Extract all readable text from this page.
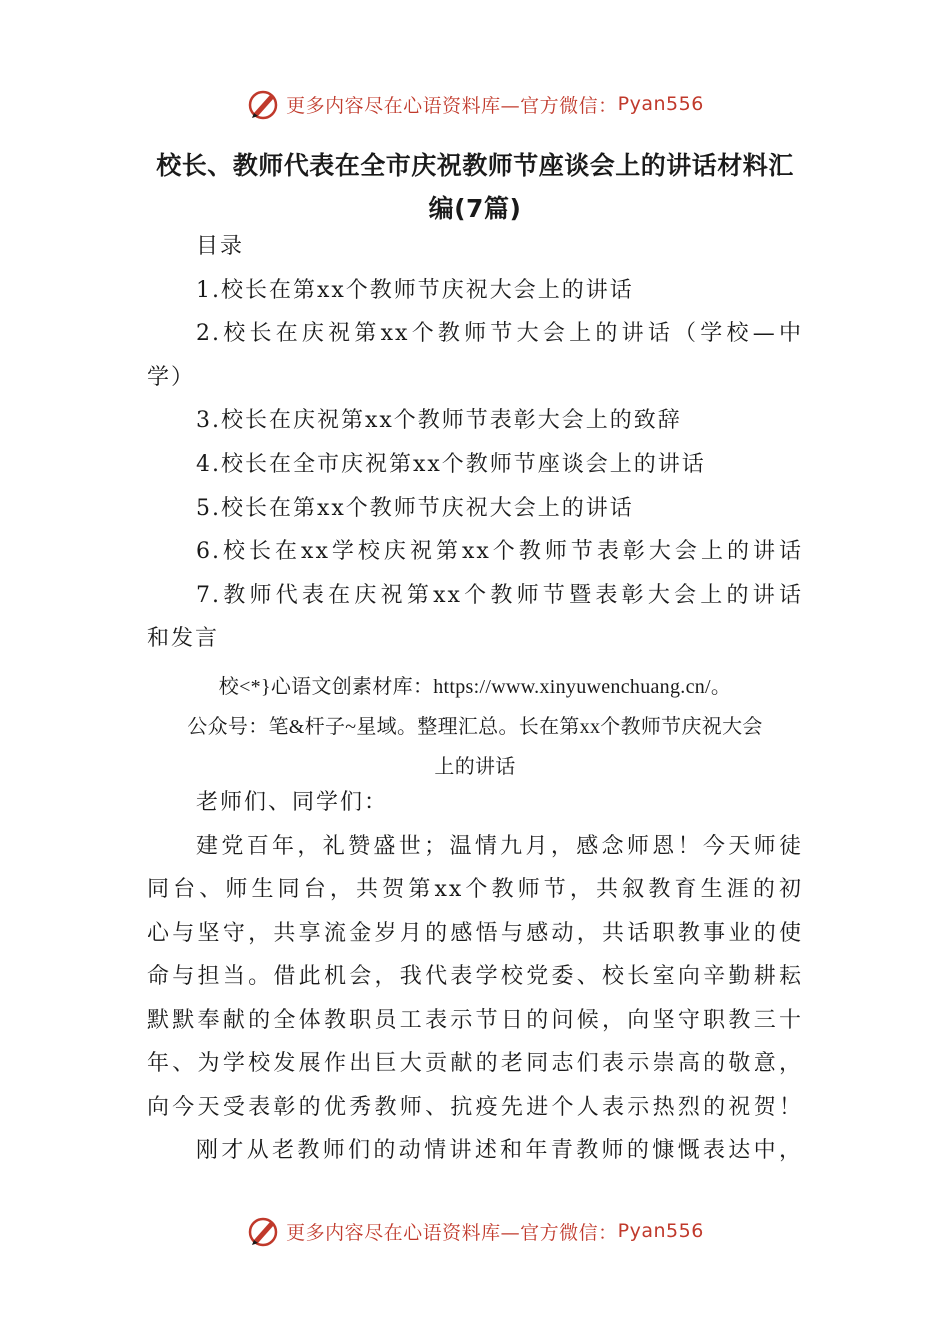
更多内容尽在心语资料库—官方微信： Pyan556
校长、教师代表在全市庆祝教师节座谈会上的讲话材料汇
编(7篇)
目录
1.校长在第xx个教师节庆祝大会上的讲话
2.校长在庆祝第xx个教师节大会上的讲话（学校—中
学）
3.校长在庆祝第xx个教师节表彰大会上的致辞
4.校长在全市庆祝第xx个教师节座谈会上的讲话
5.校长在第xx个教师节庆祝大会上的讲话
6.校长在xx学校庆祝第xx个教师节表彰大会上的讲话
7.教师代表在庆祝第xx个教师节暨表彰大会上的讲话
和发言
校<*}心语文创素材库：https://www.xinyuwenchuang.cn/。
公众号：笔&杆子~星域。整理汇总。长在第xx个教师节庆祝大会
上的讲话
老师们、同学们：
建党百年，礼赞盛世；温情九月，感念师恩！今天师徒
同台、师生同台，共贺第xx个教师节，共叙教育生涯的初
心与坚守，共享流金岁月的感悟与感动，共话职教事业的使
命与担当。借此机会，我代表学校党委、校长室向辛勤耕耘
默默奉献的全体教职员工表示节日的问候，向坚守职教三十
年、为学校发展作出巨大贡献的老同志们表示崇高的敬意，
向今天受表彰的优秀教师、抗疫先进个人表示热烈的祝贺！
刚才从老教师们的动情讲述和年青教师的慷慨表达中，
更多内容尽在心语资料库—官方微信： Pyan556
